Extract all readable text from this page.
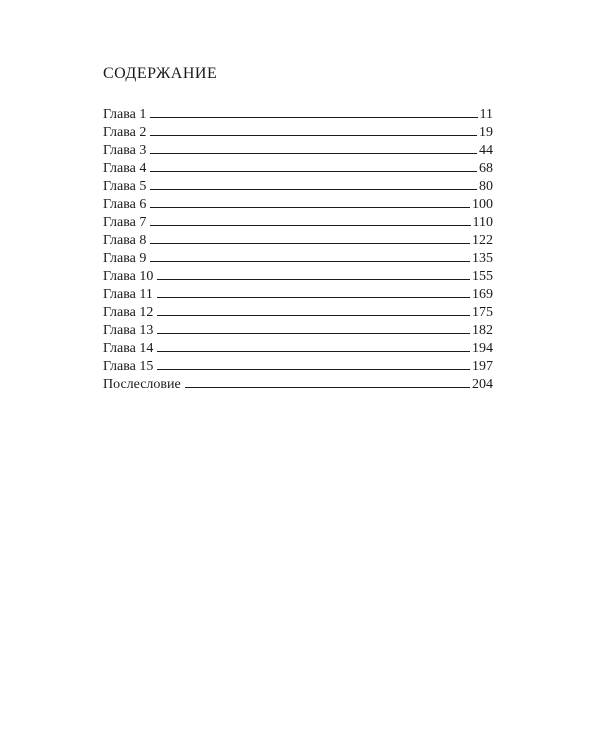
СОДЕРЖАНИЕ
Глава 1	11
Глава 2	19
Глава 3	44
Глава 4	68
Глава 5	80
Глава 6	100
Глава 7	110
Глава 8	122
Глава 9	135
Глава 10	155
Глава 11	169
Глава 12	175
Глава 13	182
Глава 14	194
Глава 15	197
Послесловие	204
